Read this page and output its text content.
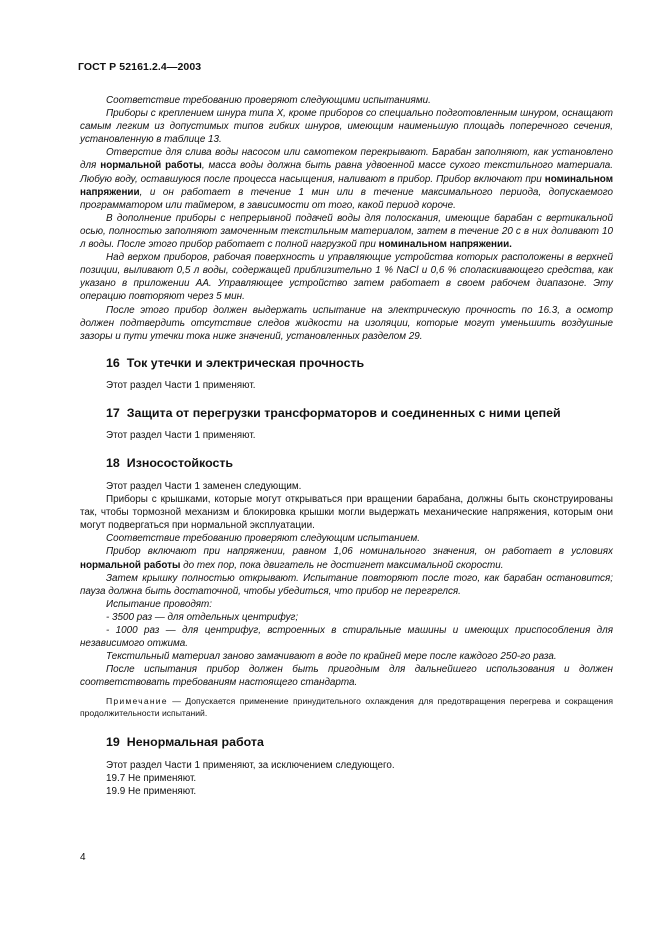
ГОСТ Р 52161.2.4—2003

Соответствие требованию проверяют следующими испытаниями.

Приборы с креплением шнура типа X, кроме приборов со специально подготовленным шнуром, оснащают самым легким из допустимых типов гибких шнуров, имеющим наименьшую площадь поперечного сечения, установленную в таблице 13.

Отверстие для слива воды насосом или самотеком перекрывают. Барабан заполняют, как установлено для нормальной работы, масса воды должна быть равна удвоенной массе сухого текстильного материала. Любую воду, оставшуюся после процесса насыщения, наливают в прибор. Прибор включают при номинальном напряжении, и он работает в течение 1 мин или в течение максимального периода, допускаемого программатором или таймером, в зависимости от того, какой период короче.

В дополнение приборы с непрерывной подачей воды для полоскания, имеющие барабан с вертикальной осью, полностью заполняют замоченным текстильным материалом, затем в течение 20 с в них доливают 10 л воды. После этого прибор работает с полной нагрузкой при номинальном напряжении.

Над верхом приборов, рабочая поверхность и управляющие устройства которых расположены в верхней позиции, выливают 0,5 л воды, содержащей приблизительно 1 % NaCl и 0,6 % споласкивающего средства, как указано в приложении АА. Управляющее устройство затем работает в своем рабочем диапазоне. Эту операцию повторяют через 5 мин.

После этого прибор должен выдержать испытание на электрическую прочность по 16.3, а осмотр должен подтвердить отсутствие следов жидкости на изоляции, которые могут уменьшить воздушные зазоры и пути утечки тока ниже значений, установленных разделом 29.

16 Ток утечки и электрическая прочность

Этот раздел Части 1 применяют.

17 Защита от перегрузки трансформаторов и соединенных с ними цепей

Этот раздел Части 1 применяют.

18 Износостойкость

Этот раздел Части 1 заменен следующим.

Приборы с крышками, которые могут открываться при вращении барабана, должны быть сконструированы так, чтобы тормозной механизм и блокировка крышки могли выдержать механические напряжения, которым они могут подвергаться при нормальной эксплуатации.

Соответствие требованию проверяют следующим испытанием.

Прибор включают при напряжении, равном 1,06 номинального значения, он работает в условиях нормальной работы до тех пор, пока двигатель не достигнет максимальной скорости.

Затем крышку полностью открывают. Испытание повторяют после того, как барабан остановится; пауза должна быть достаточной, чтобы убедиться, что прибор не перегрелся.

Испытание проводят:

- 3500 раз — для отдельных центрифуг;

- 1000 раз — для центрифуг, встроенных в стиральные машины и имеющих приспособления для независимого отжима.

Текстильный материал заново замачивают в воде по крайней мере после каждого 250-го раза.

После испытания прибор должен быть пригодным для дальнейшего использования и должен соответствовать требованиям настоящего стандарта.

Примечание — Допускается применение принудительного охлаждения для предотвращения перегрева и сокращения продолжительности испытаний.

19 Ненормальная работа

Этот раздел Части 1 применяют, за исключением следующего.

19.7 Не применяют.

19.9 Не применяют.

4
